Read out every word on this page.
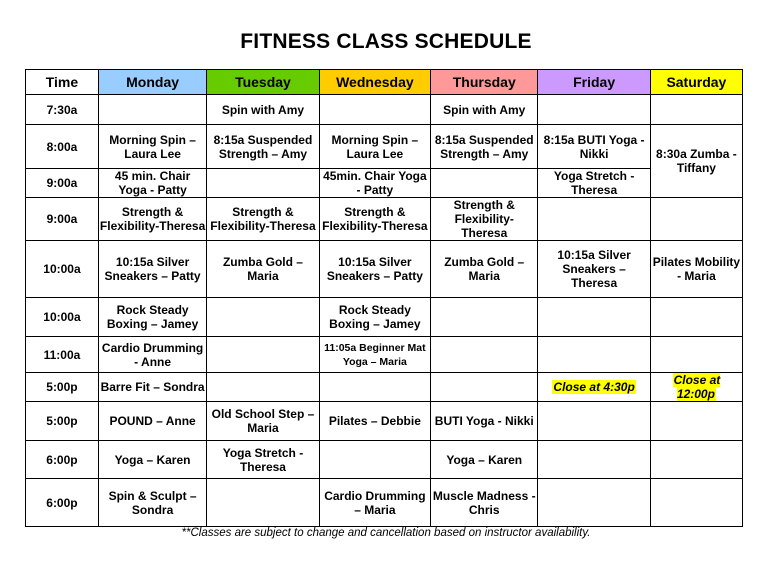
FITNESS CLASS SCHEDULE
Time	Monday	Tuesday	Wednesday	Thursday	Friday	Saturday
7:30a		Spin with Amy		Spin with Amy		
8:00a	Morning Spin – Laura Lee	8:15a Suspended Strength – Amy	Morning Spin – Laura Lee	8:15a Suspended Strength – Amy	8:15a BUTI Yoga - Nikki	8:30a Zumba - Tiffany
9:00a	45 min. Chair Yoga - Patty		45min. Chair Yoga - Patty		Yoga Stretch - Theresa	
9:00a	Strength & Flexibility-Theresa	Strength & Flexibility-Theresa	Strength & Flexibility-Theresa	Strength & Flexibility-Theresa		
10:00a	10:15a Silver Sneakers – Patty	Zumba Gold – Maria	10:15a Silver Sneakers – Patty	Zumba Gold – Maria	10:15a Silver Sneakers – Theresa	Pilates Mobility - Maria
10:00a	Rock Steady Boxing – Jamey		Rock Steady Boxing – Jamey			
11:00a	Cardio Drumming - Anne		11:05a Beginner Mat Yoga – Maria			
5:00p	Barre Fit – Sondra				Close at 4:30p	Close at 12:00p
5:00p	POUND – Anne	Old School Step – Maria	Pilates – Debbie	BUTI Yoga - Nikki		
6:00p	Yoga – Karen	Yoga Stretch - Theresa		Yoga – Karen		
6:00p	Spin & Sculpt – Sondra		Cardio Drumming – Maria	Muscle Madness - Chris		
**Classes are subject to change and cancellation based on instructor availability.
